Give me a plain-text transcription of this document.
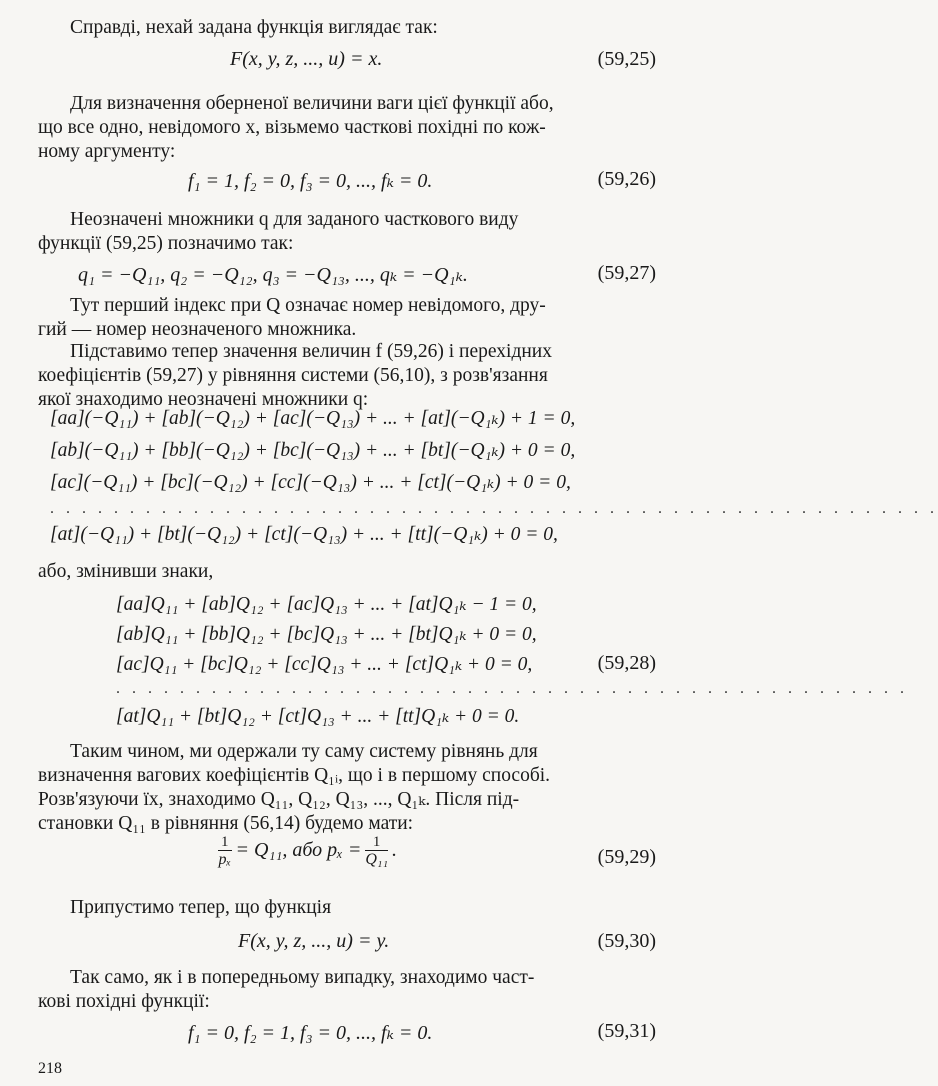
Справді, нехай задана функція виглядає так:
F(x, y, z, ..., u) = x.	(59,25)
Для визначення оберненої величини ваги цієї функції або,
що все одно, невідомого x, візьмемо часткові похідні по кож-
ному аргументу:
f₁ = 1, f₂ = 0, f₃ = 0, ..., fₖ = 0.	(59,26)
Неозначені множники q для заданого часткового виду
функції (59,25) позначимо так:
q₁ = −Q₁₁, q₂ = −Q₁₂, q₃ = −Q₁₃, ..., qₖ = −Q₁ₖ.	(59,27)
Тут перший індекс при Q означає номер невідомого, дру-
гий — номер неозначеного множника.
Підставимо тепер значення величин f (59,26) і перехідних
коефіцієнтів (59,27) у рівняння системи (56,10), з розв'язання
якої знаходимо неозначені множники q:
[aa](−Q₁₁) + [ab](−Q₁₂) + [ac](−Q₁₃) + ... + [at](−Q₁ₖ) + 1 = 0,
[ab](−Q₁₁) + [bb](−Q₁₂) + [bc](−Q₁₃) + ... + [bt](−Q₁ₖ) + 0 = 0,
[ac](−Q₁₁) + [bc](−Q₁₂) + [cc](−Q₁₃) + ... + [ct](−Q₁ₖ) + 0 = 0,
. . . . . . . . . . . . . . . . . . . . . . . . . . . . . . . . . . . . . . . . . . . . . . . . . . . . . . . .
[at](−Q₁₁) + [bt](−Q₁₂) + [ct](−Q₁₃) + ... + [tt](−Q₁ₖ) + 0 = 0,
або, змінивши знаки,
[aa]Q₁₁ + [ab]Q₁₂ + [ac]Q₁₃ + ... + [at]Q₁ₖ − 1 = 0,
[ab]Q₁₁ + [bb]Q₁₂ + [bc]Q₁₃ + ... + [bt]Q₁ₖ + 0 = 0,
[ac]Q₁₁ + [bc]Q₁₂ + [cc]Q₁₃ + ... + [ct]Q₁ₖ + 0 = 0,	(59,28)
. . . . . . . . . . . . . . . . . . . . . . . . . . . . . . . . . . . . . . . . . . . . . . . . . .
[at]Q₁₁ + [bt]Q₁₂ + [ct]Q₁₃ + ... + [tt]Q₁ₖ + 0 = 0.
Таким чином, ми одержали ту саму систему рівнянь для
визначення вагових коефіцієнтів Q₁ᵢ, що і в першому способі.
Розв'язуючи їх, знаходимо Q₁₁, Q₁₂, Q₁₃, ..., Q₁ₖ. Після під-
становки Q₁₁ в рівняння (56,14) будемо мати:
$\frac{1}{\text{pₓ}} = Q_{11}$, або $p_x = \frac{1}{\text{Q₁₁}}$ .	(59,29)
Припустимо тепер, що функція
F(x, y, z, ..., u) = y.	(59,30)
Так само, як і в попередньому випадку, знаходимо част-
кові похідні функції:
f₁ = 0, f₂ = 1, f₃ = 0, ..., fₖ = 0.	(59,31)
218
